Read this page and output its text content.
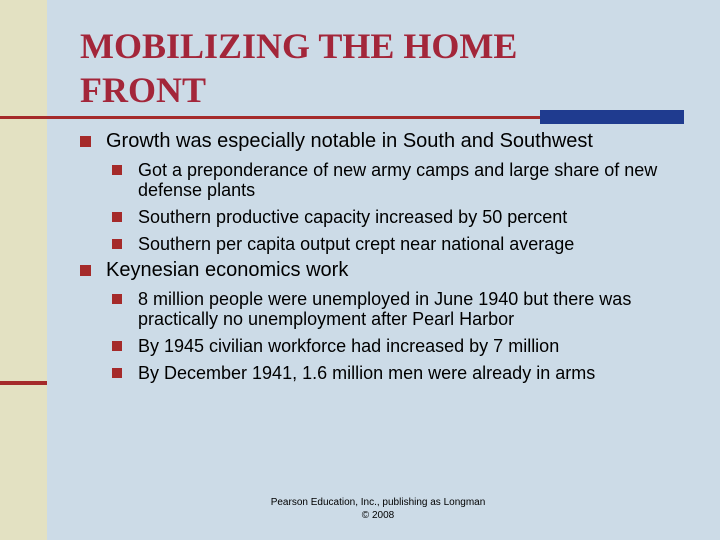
MOBILIZING THE HOME FRONT
Growth was especially notable in South and Southwest
Got a preponderance of new army camps and large share of new defense plants
Southern productive capacity increased by 50 percent
Southern per capita output crept near national average
Keynesian economics work
8 million people were unemployed in June 1940 but there was practically no unemployment after Pearl Harbor
By 1945 civilian workforce had increased by 7 million
By December 1941, 1.6 million men were already in arms
Pearson Education, Inc., publishing as Longman
© 2008
